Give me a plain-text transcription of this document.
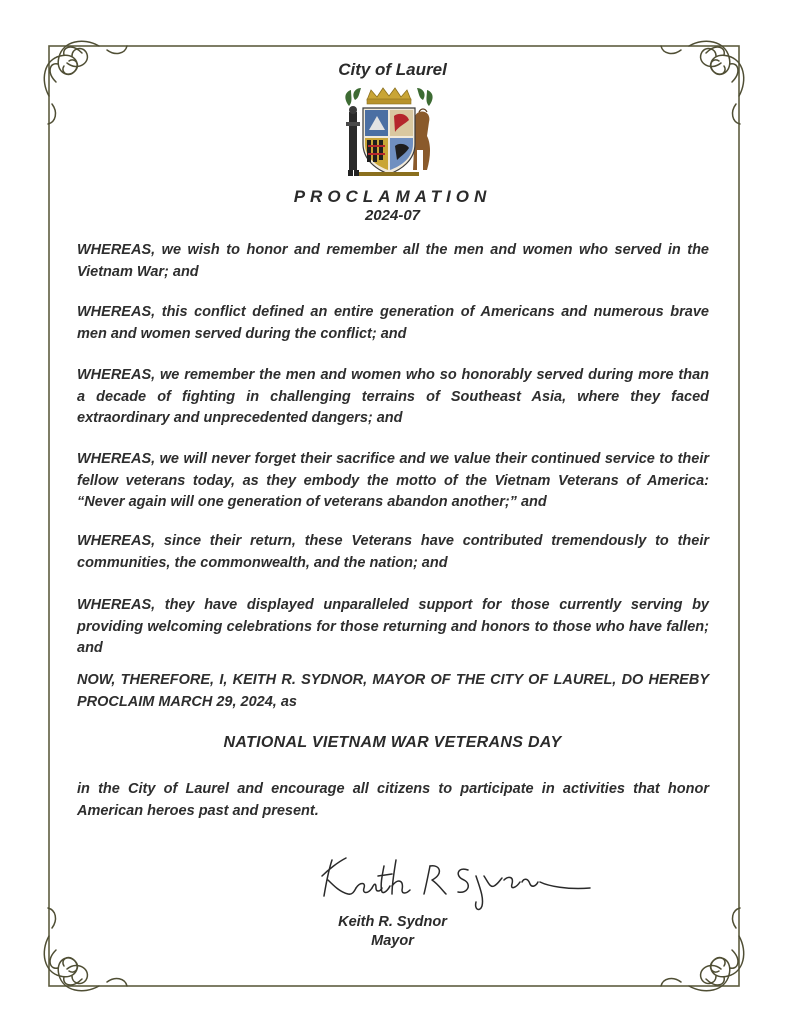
City of Laurel
PROCLAMATION
2024-07
WHEREAS, we wish to honor and remember all the men and women who served in the Vietnam War; and
WHEREAS, this conflict defined an entire generation of Americans and numerous brave men and women served during the conflict; and
WHEREAS, we remember the men and women who so honorably served during more than a decade of fighting in challenging terrains of Southeast Asia, where they faced extraordinary and unprecedented dangers; and
WHEREAS, we will never forget their sacrifice and we value their continued service to their fellow veterans today, as they embody the motto of the Vietnam Veterans of America: “Never again will one generation of veterans abandon another;” and
WHEREAS, since their return, these Veterans have contributed tremendously to their communities, the commonwealth, and the nation; and
WHEREAS, they have displayed unparalleled support for those currently serving by providing welcoming celebrations for those returning and honors to those who have fallen; and
NOW, THEREFORE, I, KEITH R. SYDNOR, MAYOR OF THE CITY OF LAUREL, DO HEREBY PROCLAIM MARCH 29, 2024, as
NATIONAL VIETNAM WAR VETERANS DAY
in the City of Laurel and encourage all citizens to participate in activities that honor American heroes past and present.
Keith R. Sydnor
Mayor
